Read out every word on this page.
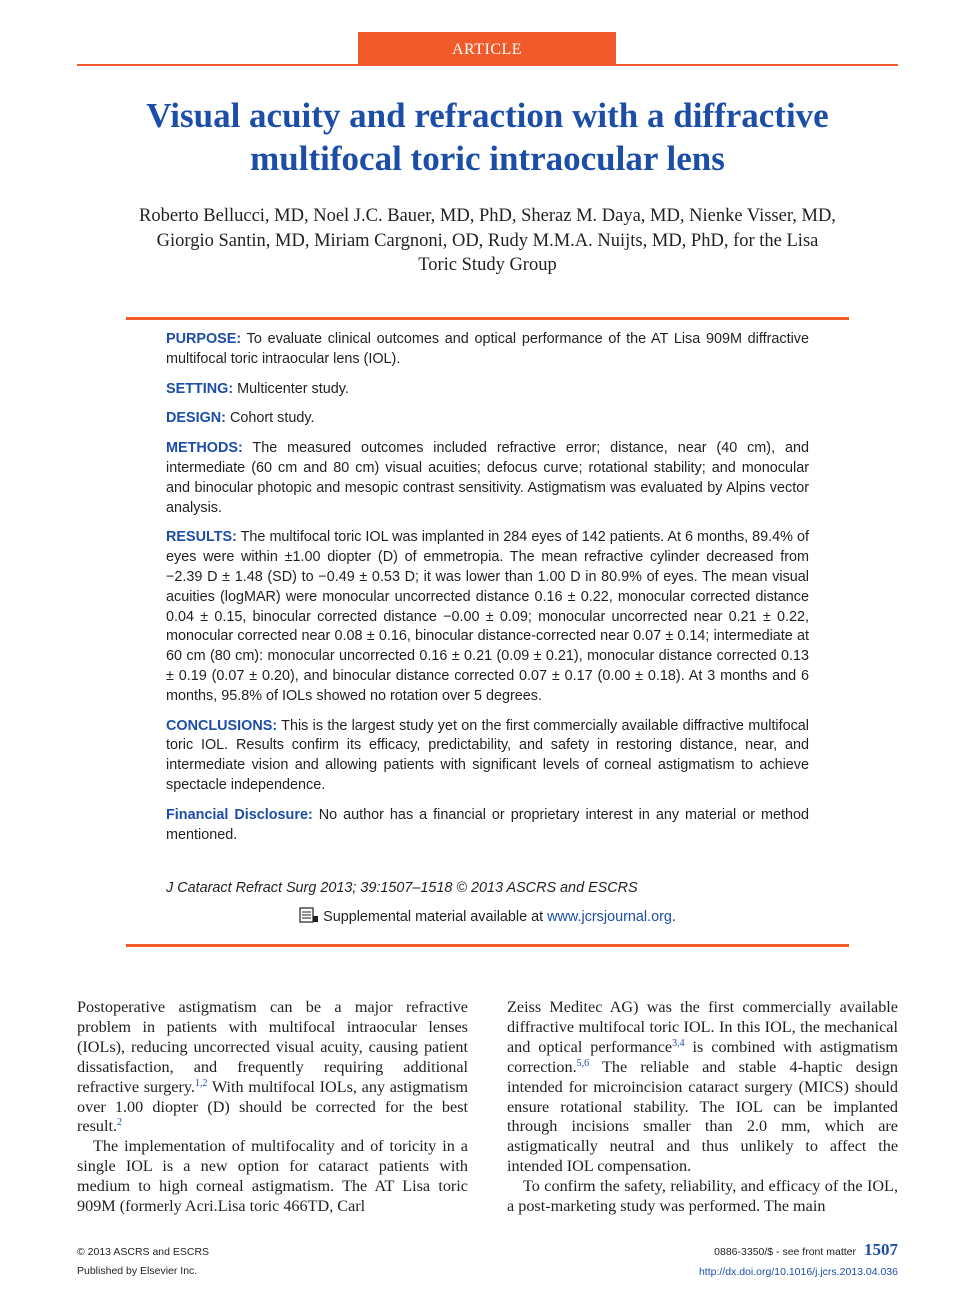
ARTICLE
Visual acuity and refraction with a diffractive
multifocal toric intraocular lens
Roberto Bellucci, MD, Noel J.C. Bauer, MD, PhD, Sheraz M. Daya, MD, Nienke Visser, MD,
Giorgio Santin, MD, Miriam Cargnoni, OD, Rudy M.M.A. Nuijts, MD, PhD, for the Lisa
Toric Study Group

PURPOSE: To evaluate clinical outcomes and optical performance of the AT Lisa 909M diffractive multifocal toric intraocular lens (IOL).

SETTING: Multicenter study.

DESIGN: Cohort study.

METHODS: The measured outcomes included refractive error; distance, near (40 cm), and intermediate (60 cm and 80 cm) visual acuities; defocus curve; rotational stability; and monocular and binocular photopic and mesopic contrast sensitivity. Astigmatism was evaluated by Alpins vector analysis.

RESULTS: The multifocal toric IOL was implanted in 284 eyes of 142 patients. At 6 months, 89.4% of eyes were within ±1.00 diopter (D) of emmetropia. The mean refractive cylinder decreased from −2.39 D ± 1.48 (SD) to −0.49 ± 0.53 D; it was lower than 1.00 D in 80.9% of eyes. The mean visual acuities (logMAR) were monocular uncorrected distance 0.16 ± 0.22, monocular corrected distance 0.04 ± 0.15, binocular corrected distance −0.00 ± 0.09; monocular uncorrected near 0.21 ± 0.22, monocular corrected near 0.08 ± 0.16, binocular distance-corrected near 0.07 ± 0.14; intermediate at 60 cm (80 cm): monocular uncorrected 0.16 ± 0.21 (0.09 ± 0.21), monocular distance corrected 0.13 ± 0.19 (0.07 ± 0.20), and binocular distance corrected 0.07 ± 0.17 (0.00 ± 0.18). At 3 months and 6 months, 95.8% of IOLs showed no rotation over 5 degrees.

CONCLUSIONS: This is the largest study yet on the first commercially available diffractive multifocal toric IOL. Results confirm its efficacy, predictability, and safety in restoring distance, near, and intermediate vision and allowing patients with significant levels of corneal astigmatism to achieve spectacle independence.

Financial Disclosure: No author has a financial or proprietary interest in any material or method mentioned.

J Cataract Refract Surg 2013; 39:1507–1518 © 2013 ASCRS and ESCRS
Supplemental material available at www.jcrsjournal.org.

Postoperative astigmatism can be a major refractive problem in patients with multifocal intraocular lenses (IOLs), reducing uncorrected visual acuity, causing patient dissatisfaction, and frequently requiring additional refractive surgery.$^{1,2}$ With multifocal IOLs, any astigmatism over 1.00 diopter (D) should be corrected for the best result.$^2$

The implementation of multifocality and of toricity in a single IOL is a new option for cataract patients with medium to high corneal astigmatism. The AT Lisa toric 909M (formerly Acri.Lisa toric 466TD, Carl

Zeiss Meditec AG) was the first commercially available diffractive multifocal toric IOL. In this IOL, the mechanical and optical performance$^{3,4}$ is combined with astigmatism correction.$^{5,6}$ The reliable and stable 4-haptic design intended for microincision cataract surgery (MICS) should ensure rotational stability. The IOL can be implanted through incisions smaller than 2.0 mm, which are astigmatically neutral and thus unlikely to affect the intended IOL compensation.

To confirm the safety, reliability, and efficacy of the IOL, a post-marketing study was performed. The main

© 2013 ASCRS and ESCRS
Published by Elsevier Inc.
0886-3350/$ - see front matter 1507
http://dx.doi.org/10.1016/j.jcrs.2013.04.036
